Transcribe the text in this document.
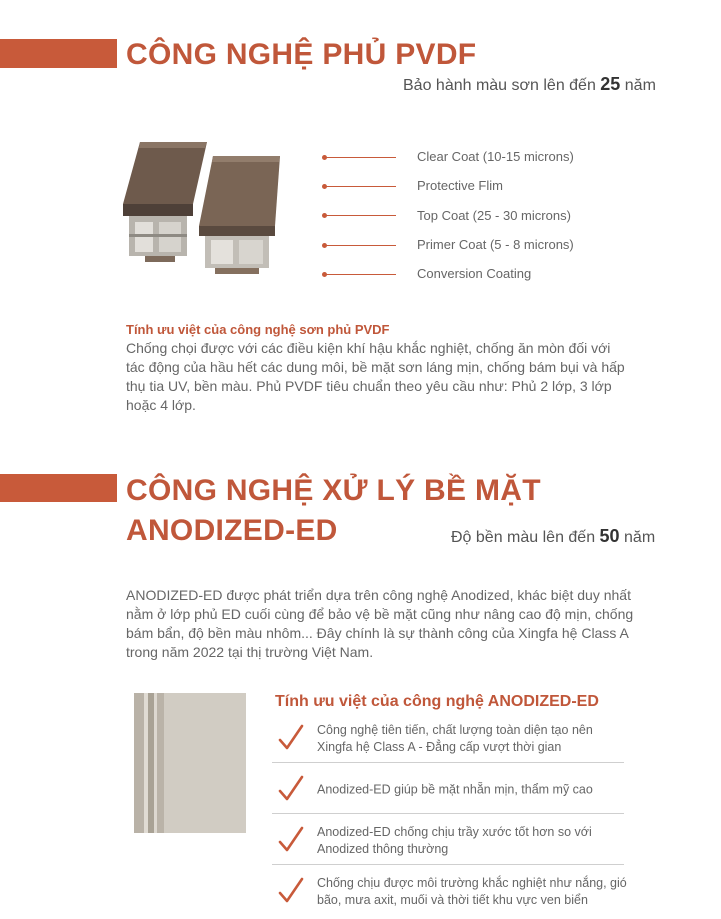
CÔNG NGHỆ PHỦ PVDF
Bảo hành màu sơn lên đến 25 năm
Clear Coat (10-15 microns)
Protective Flim
Top Coat (25 - 30 microns)
Primer Coat (5 - 8 microns)
Conversion Coating
Tính ưu việt của công nghệ sơn phủ PVDF
Chống chọi được với các điều kiện khí hậu khắc nghiệt, chống ăn mòn đối với tác động của hầu hết các dung môi, bề mặt sơn láng mịn, chống bám bụi và hấp thụ tia UV, bền màu. Phủ PVDF tiêu chuẩn theo yêu cầu như: Phủ 2 lớp, 3 lớp hoặc 4 lớp.
CÔNG NGHỆ XỬ LÝ BỀ MẶT
ANODIZED-ED	Độ bền màu lên đến 50 năm
ANODIZED-ED được phát triển dựa trên công nghệ Anodized, khác biệt duy nhất nằm ở lớp phủ ED cuối cùng để bảo vệ bề mặt cũng như nâng cao độ mịn, chống bám bẩn, độ bền màu nhôm... Đây chính là sự thành công của Xingfa hệ Class A trong năm 2022 tại thị trường Việt Nam.
Tính ưu việt của công nghệ ANODIZED-ED
Công nghệ tiên tiến, chất lượng toàn diện tạo nên Xingfa hệ Class A - Đẳng cấp vượt thời gian
Anodized-ED giúp bề mặt nhẵn mịn, thẩm mỹ cao
Anodized-ED chống chịu trầy xước tốt hơn so với Anodized thông thường
Chống chịu được môi trường khắc nghiệt như nắng, gió bão, mưa axit, muối và thời tiết khu vực ven biển
